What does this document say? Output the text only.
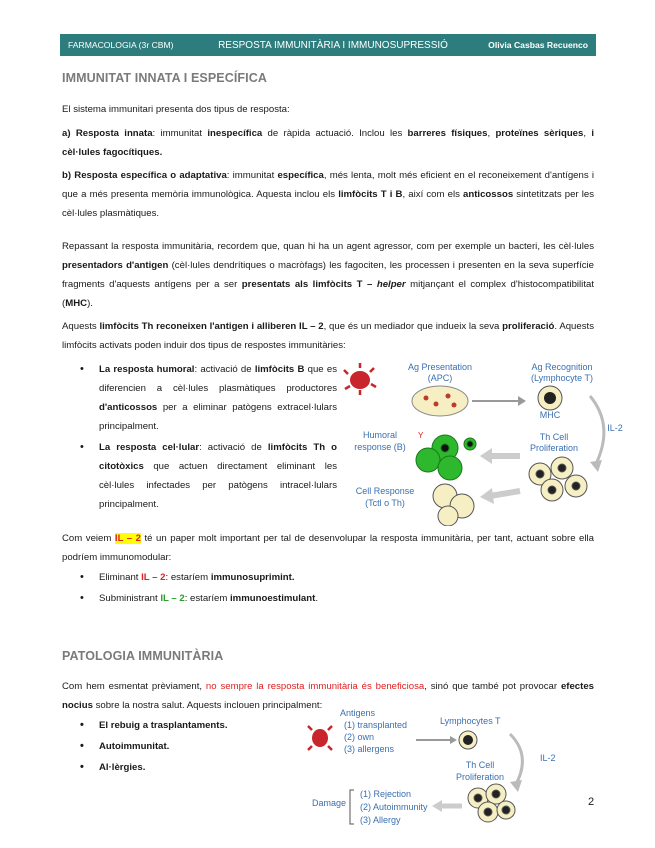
FARMACOLOGIA (3r CBM)	RESPOSTA IMMUNITÀRIA I IMMUNOSUPRESSIÓ	Olivia Casbas Recuenco
IMMUNITAT INNATA I ESPECÍFICA
El sistema immunitari presenta dos tipus de resposta:
a) Resposta innata: immunitat inespecífica de ràpida actuació. Inclou les barreres físiques, proteïnes sèriques, i cèl·lules fagocítiques.
b) Resposta específica o adaptativa: immunitat específica, més lenta, molt més eficient en el reconeixement d'antígens i que a més presenta memòria immunològica. Aquesta inclou els limfòcits T i B, així com els anticossos sintetitzats per les cèl·lules plasmàtiques.
Repassant la resposta immunitària, recordem que, quan hi ha un agent agressor, com per exemple un bacteri, les cèl·lules presentadors d'antigen (cèl·lules dendrítiques o macròfags) les fagociten, les processen i presenten en la seva superfície fragments d'aquests antígens per a ser presentats als limfòcits T – helper mitjançant el complex d'histocompatibilitat (MHC).
Aquests limfòcits Th reconeixen l'antigen i alliberen IL – 2, que és un mediador que indueix la seva proliferació. Aquests limfòcits activats poden induir dos tipus de respostes immunitàries:
• La resposta humoral: activació de limfòcits B que es diferencien a cèl·lules plasmàtiques productores d'anticossos per a eliminar patògens extracel·lulars principalment.
• La resposta cel·lular: activació de limfòcits Th o citotòxics que actuen directament eliminant les cèl·lules infectades per patògens intracel·lulars principalment.
Ag Presentation
(APC)
Ag Recognition
(Lymphocyte T)
MHC
IL-2
Humoral
response (B)
Th Cell
Proliferation
Cell Response
(Tctl o Th)
Y
Com veiem IL – 2 té un paper molt important per tal de desenvolupar la resposta immunitària, per tant, actuant sobre ella podríem immunomodular:
• Eliminant IL – 2: estaríem immunosuprimint.
• Subministrant IL – 2: estaríem immunoestimulant.
PATOLOGIA IMMUNITÀRIA
Com hem esmentat prèviament, no sempre la resposta immunitària és beneficiosa, sinó que també pot provocar efectes nocius sobre la nostra salut. Aquests inclouen principalment:
• El rebuig a trasplantaments.
• Autoimmunitat.
• Al·lèrgies.
Antigens
(1) transplanted
(2) own
(3) allergens
Lymphocytes T
IL-2
Th Cell
Proliferation
Damage
(1) Rejection
(2) Autoimmunity
(3) Allergy
2
